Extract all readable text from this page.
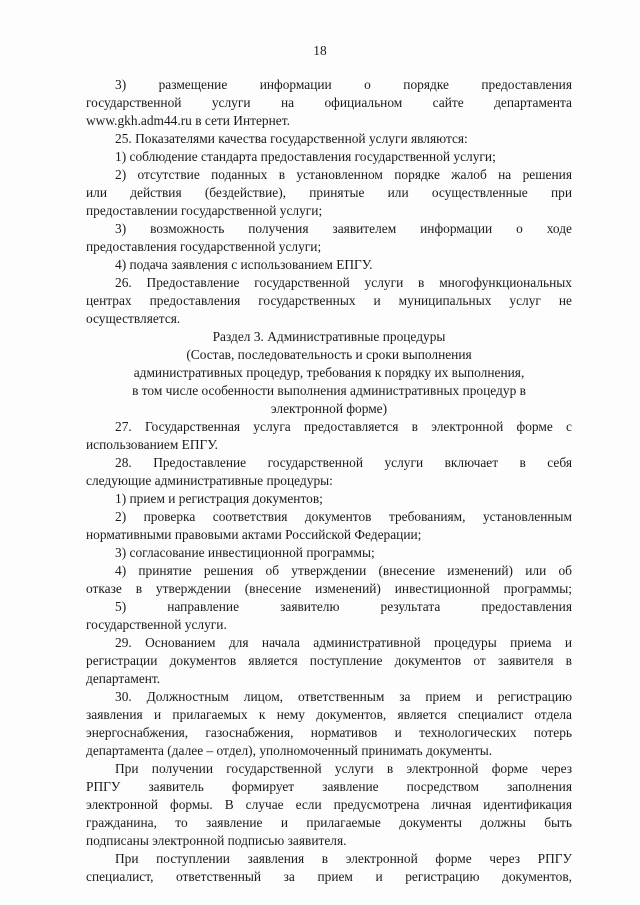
18
3) размещение информации о порядке предоставления
государственной услуги на официальном сайте департамента
www.gkh.adm44.ru в сети Интернет.
25. Показателями качества государственной услуги являются:
1) соблюдение стандарта предоставления государственной услуги;
2) отсутствие поданных в установленном порядке жалоб на решения
или действия (бездействие), принятые или осуществленные при
предоставлении государственной услуги;
3) возможность получения заявителем информации о ходе
предоставления государственной услуги;
4) подача заявления с использованием ЕПГУ.
26. Предоставление государственной услуги в многофункциональных
центрах предоставления государственных и муниципальных услуг не
осуществляется.
Раздел 3. Административные процедуры
(Состав, последовательность и сроки выполнения
административных процедур, требования к порядку их выполнения,
в том числе особенности выполнения административных процедур в
электронной форме)
27. Государственная услуга предоставляется в электронной форме с
использованием ЕПГУ.
28. Предоставление государственной услуги включает в себя
следующие административные процедуры:
1) прием и регистрация документов;
2) проверка соответствия документов требованиям, установленным
нормативными правовыми актами Российской Федерации;
3) согласование инвестиционной программы;
4) принятие решения об утверждении (внесение изменений) или об
отказе в утверждении (внесение изменений) инвестиционной программы;
5) направление заявителю результата предоставления
государственной услуги.
29. Основанием для начала административной процедуры приема и
регистрации документов является поступление документов от заявителя в
департамент.
30. Должностным лицом, ответственным за прием и регистрацию
заявления и прилагаемых к нему документов, является специалист отдела
энергоснабжения, газоснабжения, нормативов и технологических потерь
департамента (далее – отдел), уполномоченный принимать документы.
При получении государственной услуги в электронной форме через
РПГУ заявитель формирует заявление посредством заполнения
электронной формы. В случае если предусмотрена личная идентификация
гражданина, то заявление и прилагаемые документы должны быть
подписаны электронной подписью заявителя.
При поступлении заявления в электронной форме через РПГУ
специалист, ответственный за прием и регистрацию документов,
